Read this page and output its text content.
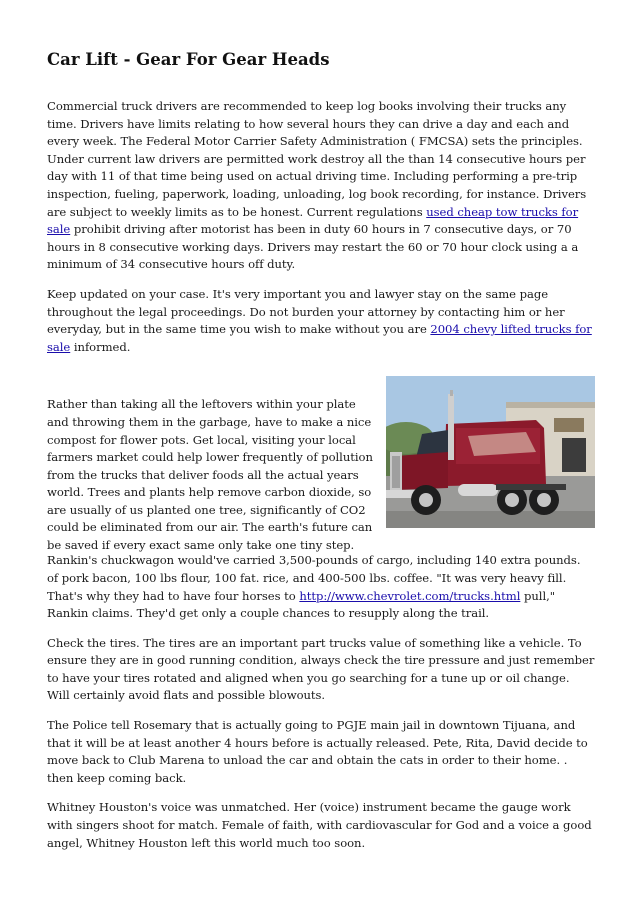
Car Lift - Gear For Gear Heads

Commercial truck drivers are recommended to keep log books involving their trucks any time. Drivers have limits relating to how several hours they can drive a day and each and every week. The Federal Motor Carrier Safety Administration ( FMCSA) sets the principles. Under current law drivers are permitted work destroy all the than 14 consecutive hours per day with 11 of that time being used on actual driving time. Including performing a pre-trip inspection, fueling, paperwork, loading, unloading, log book recording, for instance. Drivers are subject to weekly limits as to be honest. Current regulations used cheap tow trucks for sale prohibit driving after motorist has been in duty 60 hours in 7 consecutive days, or 70 hours in 8 consecutive working days. Drivers may restart the 60 or 70 hour clock using a a minimum of 34 consecutive hours off duty.

Keep updated on your case. It's very important you and lawyer stay on the same page throughout the legal proceedings. Do not burden your attorney by contacting him or her everyday, but in the same time you wish to make without you are 2004 chevy lifted trucks for sale informed.

Rather than taking all the leftovers within your plate and throwing them in the garbage, have to make a nice compost for flower pots. Get local, visiting your local farmers market could help lower frequently of pollution from the trucks that deliver foods all the actual years world. Trees and plants help remove carbon dioxide, so are usually of us planted one tree, significantly of CO2 could be eliminated from our air. The earth's future can be saved if every exact same only take one tiny step.

Rankin's chuckwagon would've carried 3,500-pounds of cargo, including 140 extra pounds. of pork bacon, 100 lbs flour, 100 fat. rice, and 400-500 lbs. coffee. "It was very heavy fill. That's why they had to have four horses to http://www.chevrolet.com/trucks.html pull," Rankin claims. They'd get only a couple chances to resupply along the trail.

Check the tires. The tires are an important part trucks value of something like a vehicle. To ensure they are in good running condition, always check the tire pressure and just remember to have your tires rotated and aligned when you go searching for a tune up or oil change. Will certainly avoid flats and possible blowouts.

The Police tell Rosemary that is actually going to PGJE main jail in downtown Tijuana, and that it will be at least another 4 hours before is actually released. Pete, Rita, David decide to move back to Club Marena to unload the car and obtain the cats in order to their home. . then keep coming back.

Whitney Houston's voice was unmatched. Her (voice) instrument became the gauge work with singers shoot for match. Female of faith, with cardiovascular for God and a voice a good angel, Whitney Houston left this world much too soon.
